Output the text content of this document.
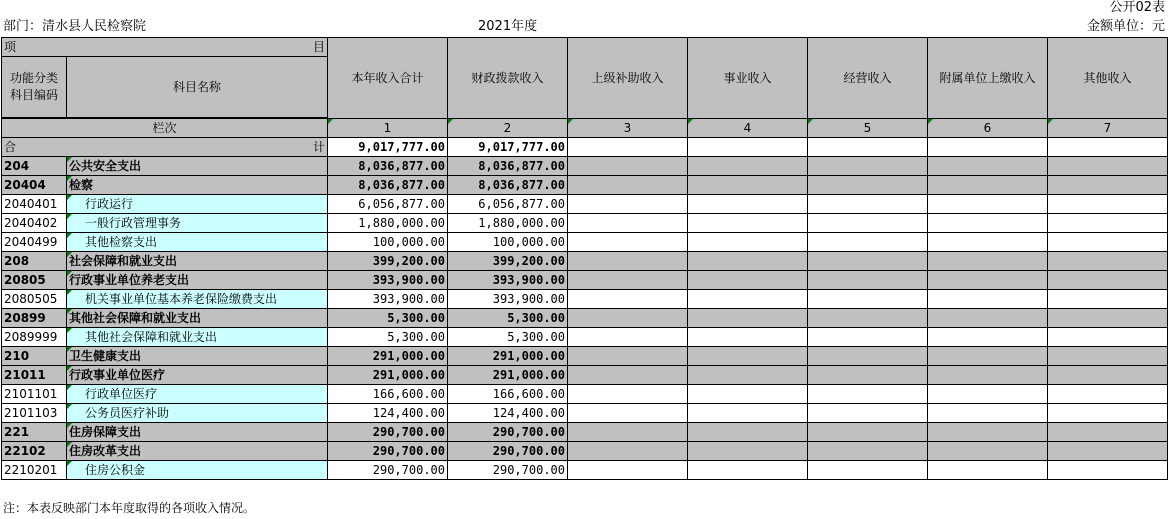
公开02表
部门：清水县人民检察院	2021年度	金额单位：元
项 目		本年收入合计	财政拨款收入	上级补助收入	事业收入	经营收入	附属单位上缴收入	其他收入
功能分类科目编码	科目名称							

栏次		1	2	3	4	5	6	7

合 计		9,017,777.00	9,017,777.00					
204	公共安全支出	8,036,877.00	8,036,877.00					
20404	检察	8,036,877.00	8,036,877.00					
2040401	行政运行	6,056,877.00	6,056,877.00					
2040402	一般行政管理事务	1,880,000.00	1,880,000.00					
2040499	其他检察支出	100,000.00	100,000.00					
208	社会保障和就业支出	399,200.00	399,200.00					
20805	行政事业单位养老支出	393,900.00	393,900.00					
2080505	机关事业单位基本养老保险缴费支出	393,900.00	393,900.00					
20899	其他社会保障和就业支出	5,300.00	5,300.00					
2089999	其他社会保障和就业支出	5,300.00	5,300.00					
210	卫生健康支出	291,000.00	291,000.00					
21011	行政事业单位医疗	291,000.00	291,000.00					
2101101	行政单位医疗	166,600.00	166,600.00					
2101103	公务员医疗补助	124,400.00	124,400.00					
221	住房保障支出	290,700.00	290,700.00					
22102	住房改革支出	290,700.00	290,700.00					
2210201	住房公积金	290,700.00	290,700.00					
注：本表反映部门本年度取得的各项收入情况。
